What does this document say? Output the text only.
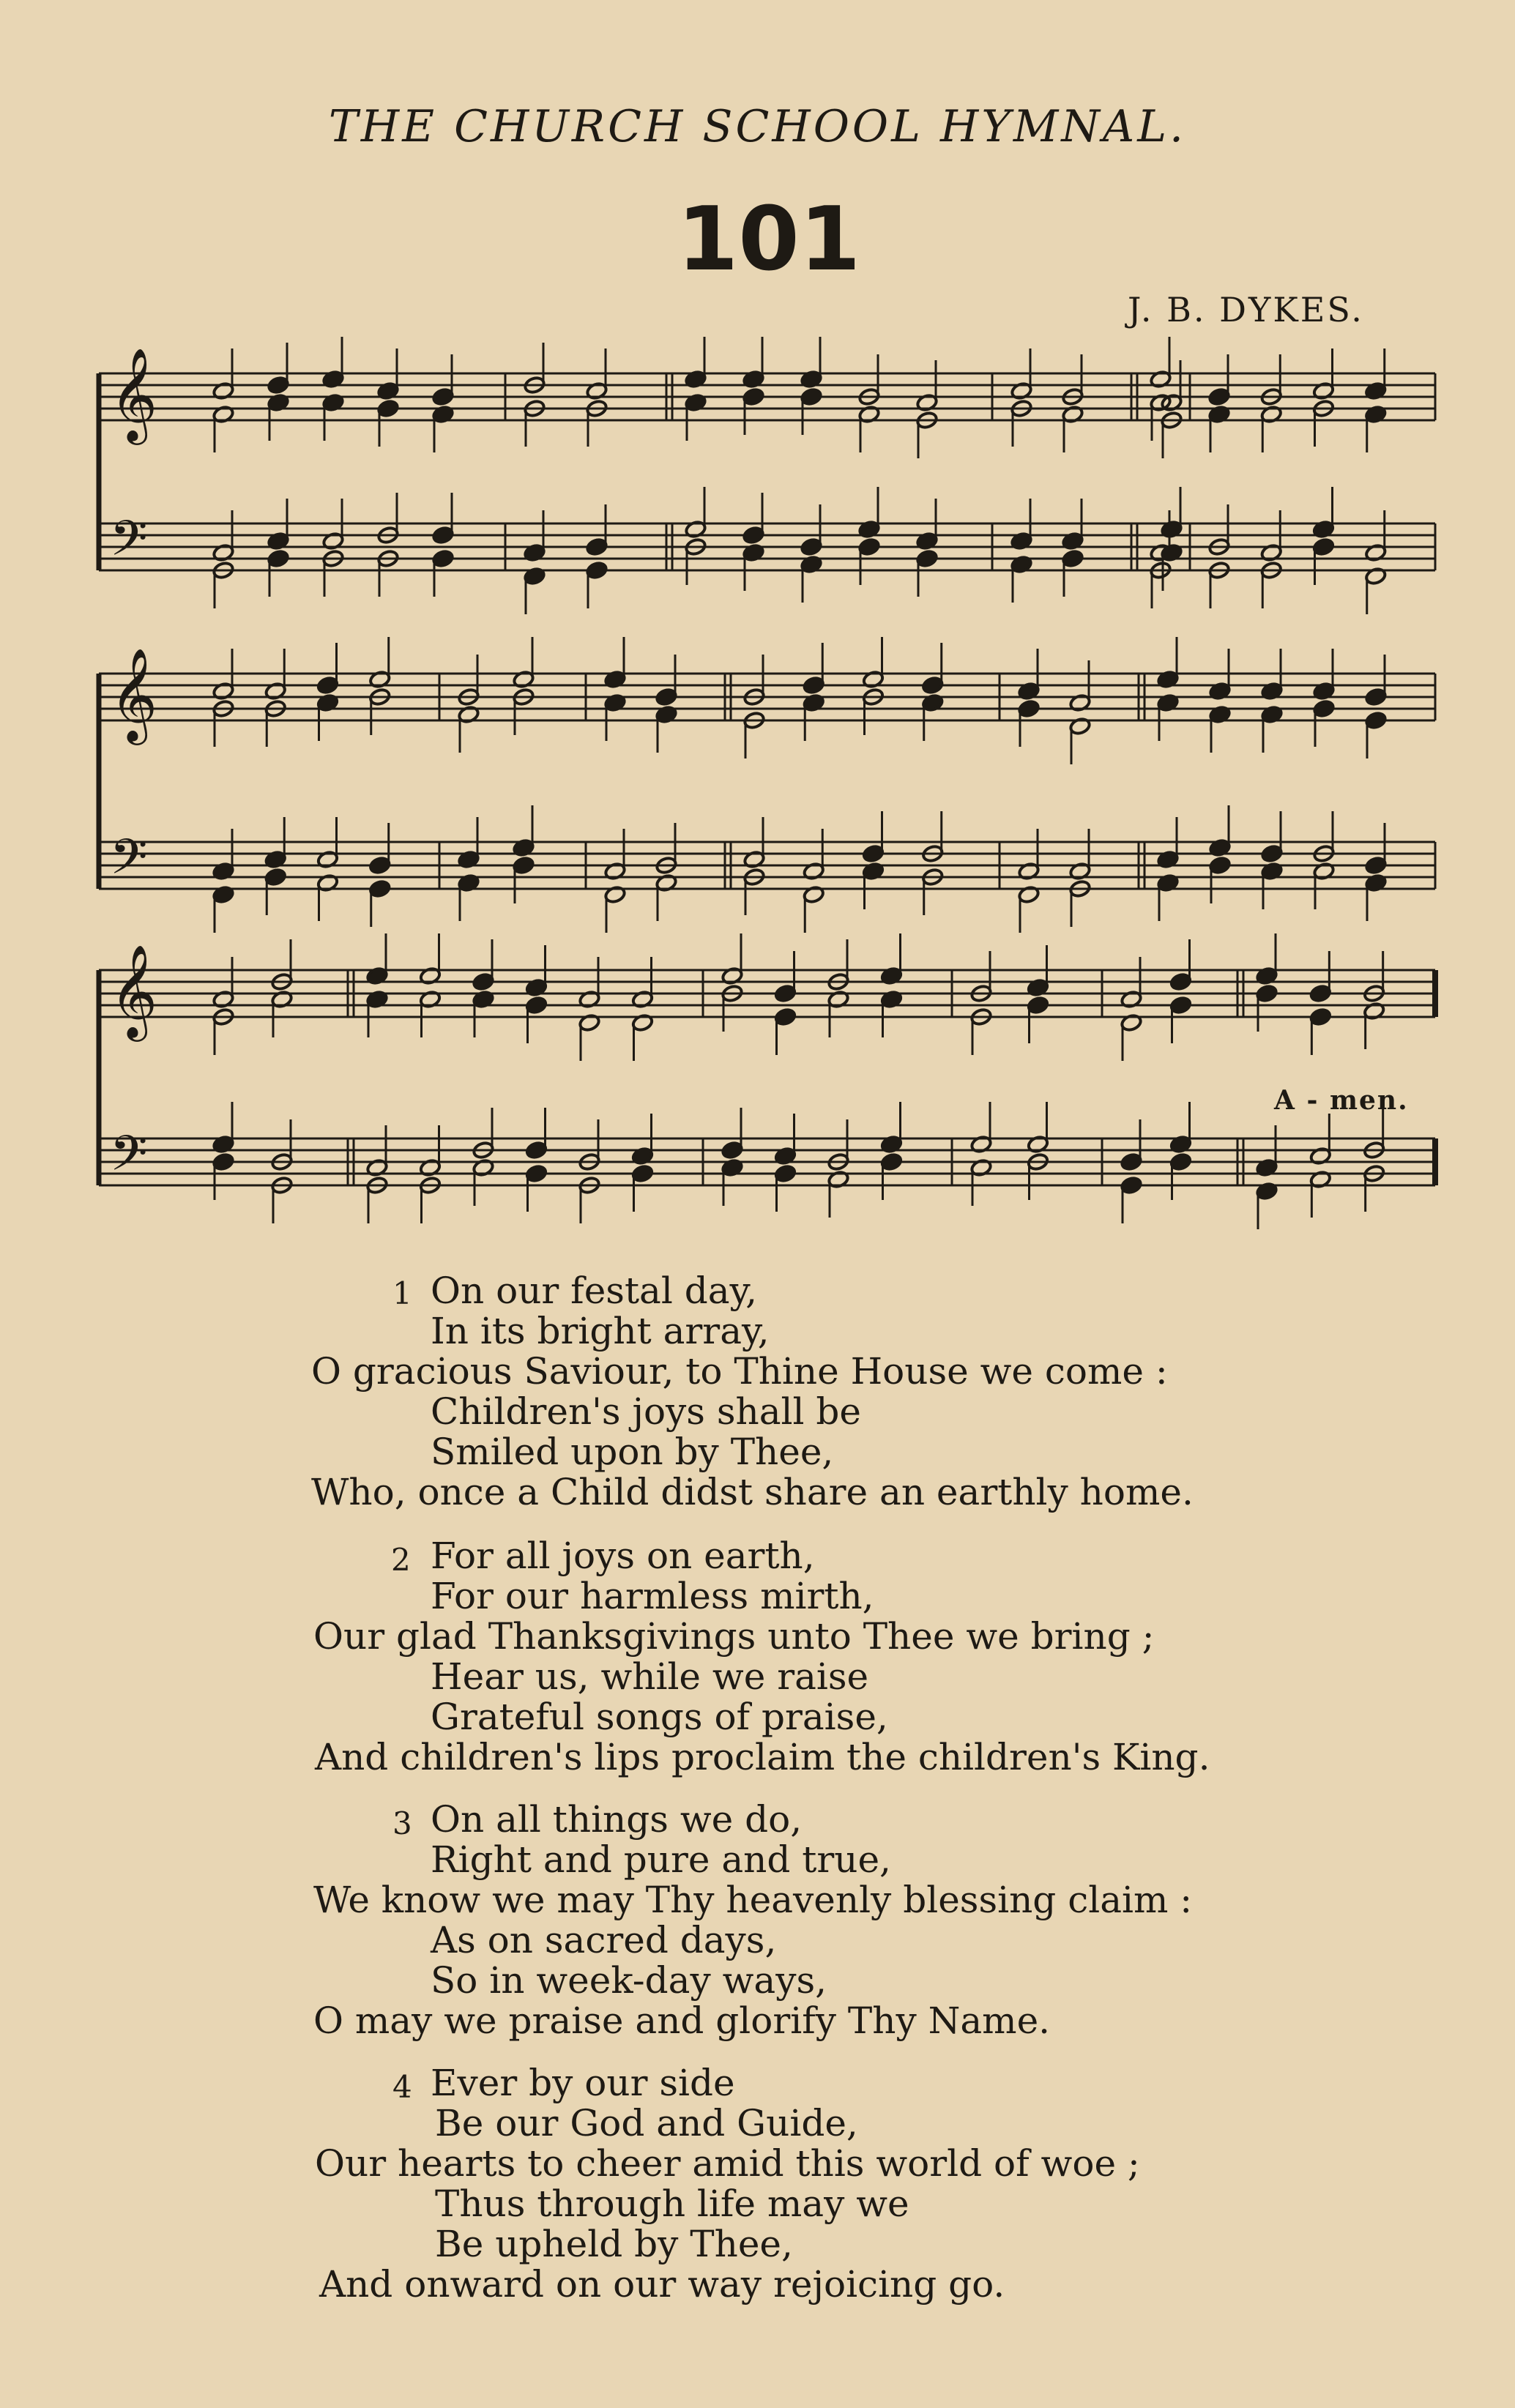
THE CHURCH SCHOOL HYMNAL.
101
J. B. DYKES.
𝄞
𝄢
𝄞
𝄢
𝄞
𝄢
A - men.
1 On our festal day,
In its bright array,
O gracious Saviour, to Thine House we come :
Children's joys shall be
Smiled upon by Thee,
Who, once a Child didst share an earthly home.
2 For all joys on earth,
For our harmless mirth,
Our glad Thanksgivings unto Thee we bring ;
Hear us, while we raise
Grateful songs of praise,
And children's lips proclaim the children's King.
3 On all things we do,
Right and pure and true,
We know we may Thy heavenly blessing claim :
As on sacred days,
So in week-day ways,
O may we praise and glorify Thy Name.
4 Ever by our side
Be our God and Guide,
Our hearts to cheer amid this world of woe ;
Thus through life may we
Be upheld by Thee,
And onward on our way rejoicing go.
